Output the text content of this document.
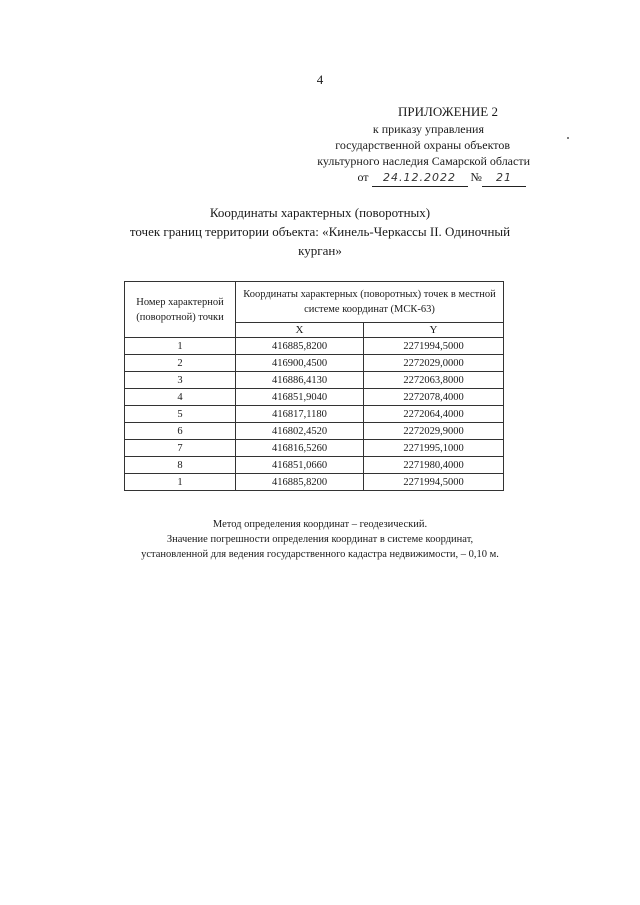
4
ПРИЛОЖЕНИЕ 2
к приказу управления
государственной охраны объектов
культурного наследия Самарской области
от 24.12.2022 № 21
Координаты характерных (поворотных)
точек границ территории объекта: «Кинель-Черкассы II. Одиночный
курган»
Номер характерной (поворотной) точки	Координаты характерных (поворотных) точек в местной системе координат (МСК-63)	
	X	Y
1	416885,8200	2271994,5000
2	416900,4500	2272029,0000
3	416886,4130	2272063,8000
4	416851,9040	2272078,4000
5	416817,1180	2272064,4000
6	416802,4520	2272029,9000
7	416816,5260	2271995,1000
8	416851,0660	2271980,4000
1	416885,8200	2271994,5000
Метод определения координат – геодезический.
Значение погрешности определения координат в системе координат,
установленной для ведения государственного кадастра недвижимости, – 0,10 м.
